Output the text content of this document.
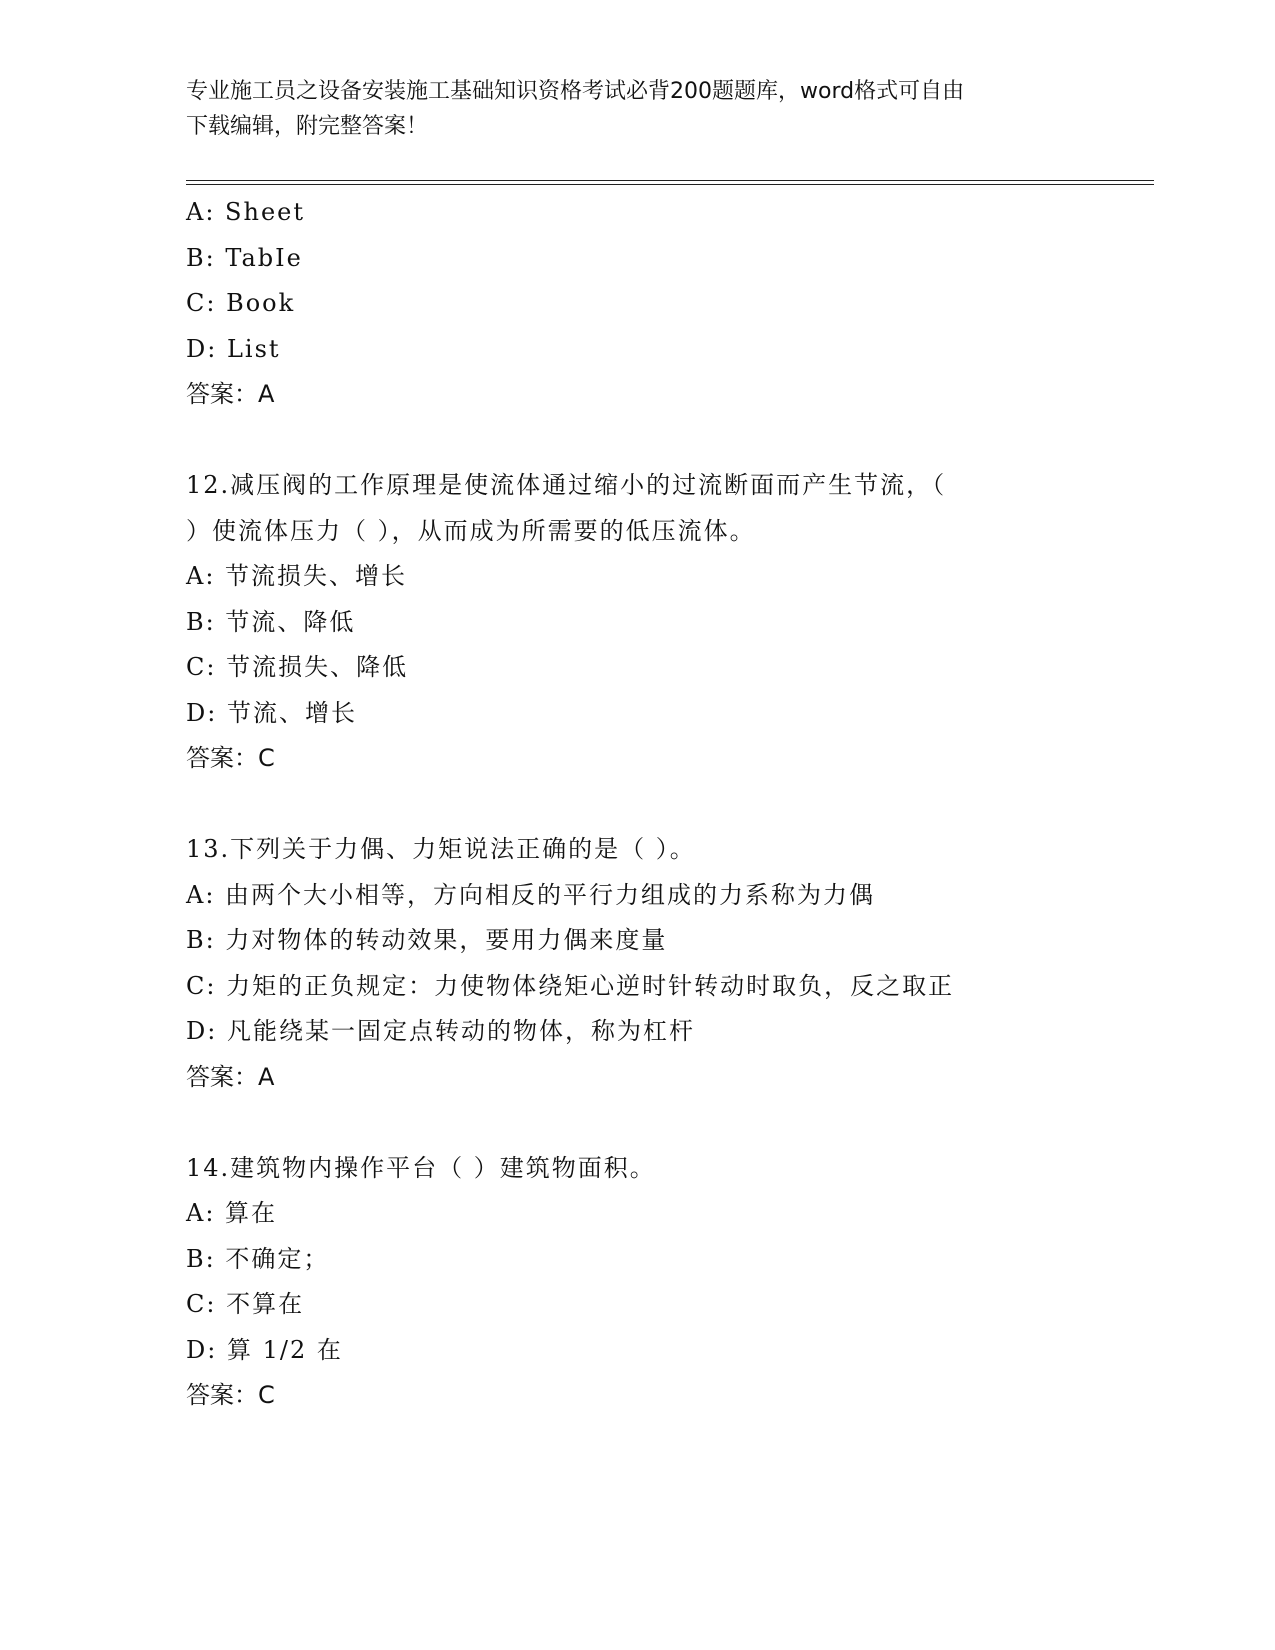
专业施工员之设备安装施工基础知识资格考试必背200题题库，word格式可自由
下载编辑，附完整答案！
A: Sheet
B: TabIe
C: Book
D: List
答案：A
12.减压阀的工作原理是使流体通过缩小的过流断面而产生节流，（
）使流体压力（ ），从而成为所需要的低压流体。
A: 节流损失、增长
B: 节流、降低
C: 节流损失、降低
D: 节流、增长
答案：C
13.下列关于力偶、力矩说法正确的是（ ）。
A: 由两个大小相等，方向相反的平行力组成的力系称为力偶
B: 力对物体的转动效果，要用力偶来度量
C: 力矩的正负规定：力使物体绕矩心逆时针转动时取负，反之取正
D: 凡能绕某一固定点转动的物体，称为杠杆
答案：A
14.建筑物内操作平台（ ）建筑物面积。
A: 算在
B: 不确定；
C: 不算在
D: 算 1/2 在
答案：C
